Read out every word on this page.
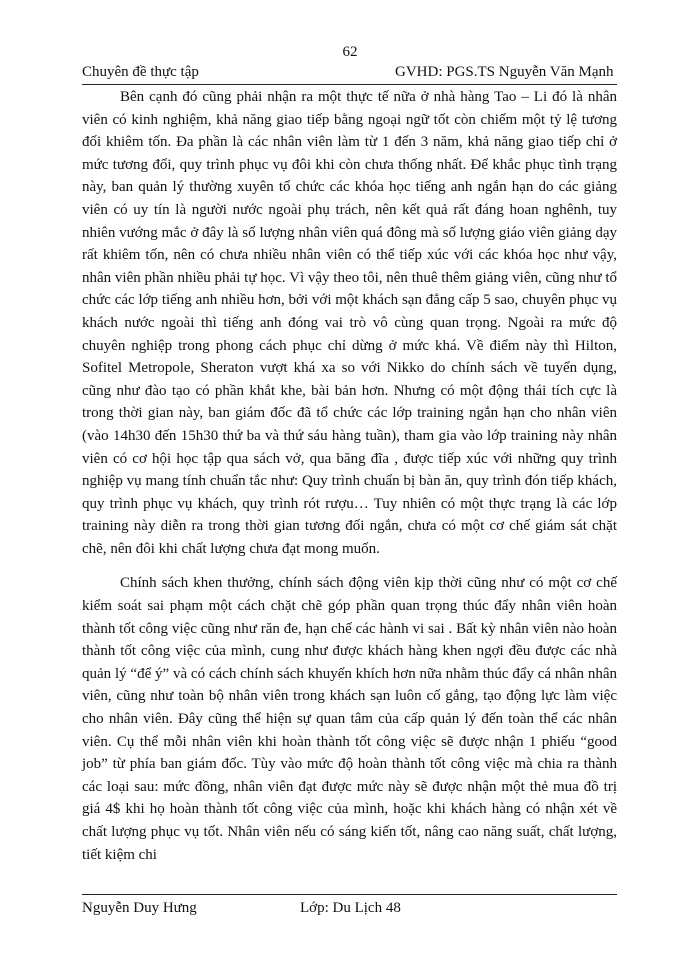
62
Chuyên đề thực tập	GVHD: PGS.TS Nguyễn Văn Mạnh

Bên cạnh đó cũng phải nhận ra một thực tế nữa ở nhà hàng Tao – Li đó là nhân viên có kinh nghiệm, khả năng giao tiếp bằng ngoại ngữ tốt còn chiếm một tỷ lệ tương đối khiêm tốn. Đa phần là các nhân viên làm từ 1 đến 3 năm, khả năng giao tiếp chỉ ở mức tương đối, quy trình phục vụ đôi khi còn chưa thống nhất. Để khắc phục tình trạng này, ban quản lý thường xuyên tổ chức các khóa học tiếng anh ngắn hạn do các giảng viên có uy tín là người nước ngoài phụ trách, nên kết quả rất đáng hoan nghênh, tuy nhiên vướng mắc ở đây là số lượng nhân viên quá đông mà số lượng giáo viên giảng dạy rất khiêm tốn, nên có chưa nhiều nhân viên có thể tiếp xúc với các khóa học như vậy, nhân viên phần nhiều phải tự học. Vì vậy theo tôi, nên thuê thêm giảng viên, cũng như tổ chức các lớp tiếng anh nhiều hơn, bởi với một khách sạn đẳng cấp 5 sao, chuyên phục vụ khách nước ngoài thì tiếng anh đóng vai trò vô cùng quan trọng. Ngoài ra mức độ chuyên nghiệp trong phong cách phục chỉ dừng ở mức khá. Về điểm này thì Hilton, Sofitel Metropole, Sheraton vượt khá xa so với Nikko do chính sách về tuyển dụng, cũng như đào tạo có phần khắt khe, bài bản hơn. Nhưng có một động thái tích cực là trong thời gian này, ban giám đốc đã tổ chức các lớp training ngắn hạn cho nhân viên (vào 14h30 đến 15h30 thứ ba và thứ sáu hàng tuần), tham gia vào lớp training này nhân viên có cơ hội học tập qua sách vở, qua băng đĩa , được tiếp xúc với những quy trình nghiệp vụ mang tính chuẩn tắc như: Quy trình chuẩn bị bàn ăn, quy trình đón tiếp khách, quy trình phục vụ khách, quy trình rót rượu… Tuy nhiên có một thực trạng là các lớp training này diễn ra trong thời gian tương đối ngắn, chưa có một cơ chế giám sát chặt chẽ, nên đôi khi chất lượng chưa đạt mong muốn.

Chính sách khen thưởng, chính sách động viên kịp thời cũng như có một cơ chế kiểm soát sai phạm một cách chặt chẽ góp phần quan trọng thúc đẩy nhân viên hoàn thành tốt công việc cũng như răn đe, hạn chế các hành vi sai . Bất kỳ nhân viên nào hoàn thành tốt công việc của mình, cung như được khách hàng khen ngợi đều được các nhà quản lý “để ý” và có cách chính sách khuyến khích hơn nữa nhằm thúc đẩy cá nhân nhân viên, cũng như toàn bộ nhân viên trong khách sạn luôn cố gắng, tạo động lực làm việc cho nhân viên. Đây cũng thể hiện sự quan tâm của cấp quản lý đến toàn thể các nhân viên. Cụ thể mỗi nhân viên khi hoàn thành tốt công việc sẽ được nhận 1 phiếu “good job” từ phía ban giám đốc. Tùy vào mức độ hoàn thành tốt công việc mà chia ra thành các loại sau: mức đồng, nhân viên đạt được mức này sẽ được nhận một thẻ mua đồ trị giá 4$ khi họ hoàn thành tốt công việc của mình, hoặc khi khách hàng có nhận xét về chất lượng phục vụ tốt. Nhân viên nếu có sáng kiến tốt, nâng cao năng suất, chất lượng, tiết kiệm chi

Nguyễn Duy Hưng	Lớp: Du Lịch 48
